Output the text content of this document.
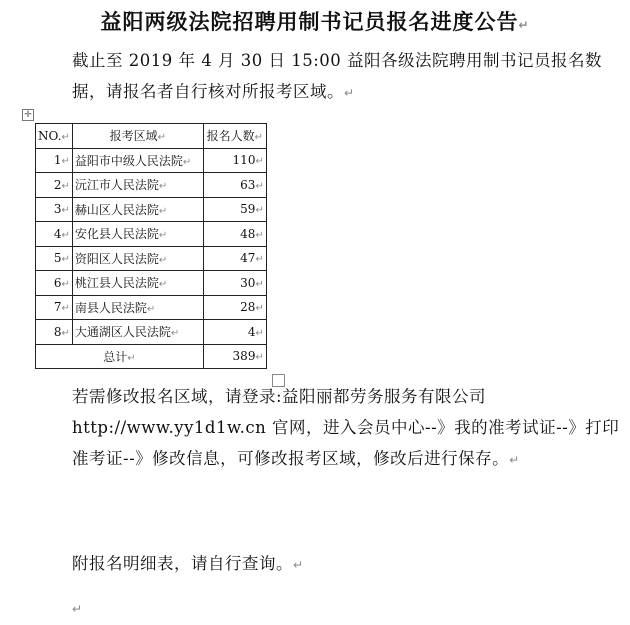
益阳两级法院招聘用制书记员报名进度公告↵
截止至 2019 年 4 月 30 日 15:00 益阳各级法院聘用制书记员报名数据，请报名者自行核对所报考区域。↵
✛
NO.↵	报考区域↵	报名人数↵
1↵	益阳市中级人民法院↵	110↵
2↵	沅江市人民法院↵	63↵
3↵	赫山区人民法院↵	59↵
4↵	安化县人民法院↵	48↵
5↵	资阳区人民法院↵	47↵
6↵	桃江县人民法院↵	30↵
7↵	南县人民法院↵	28↵
8↵	大通湖区人民法院↵	4↵
总计↵		389↵
若需修改报名区域，请登录:益阳丽都劳务服务有限公司 http://www.yy1d1w.cn 官网，进入会员中心--》我的准考试证--》打印准考证--》修改信息，可修改报考区域，修改后进行保存。↵
附报名明细表，请自行查询。↵
↵
